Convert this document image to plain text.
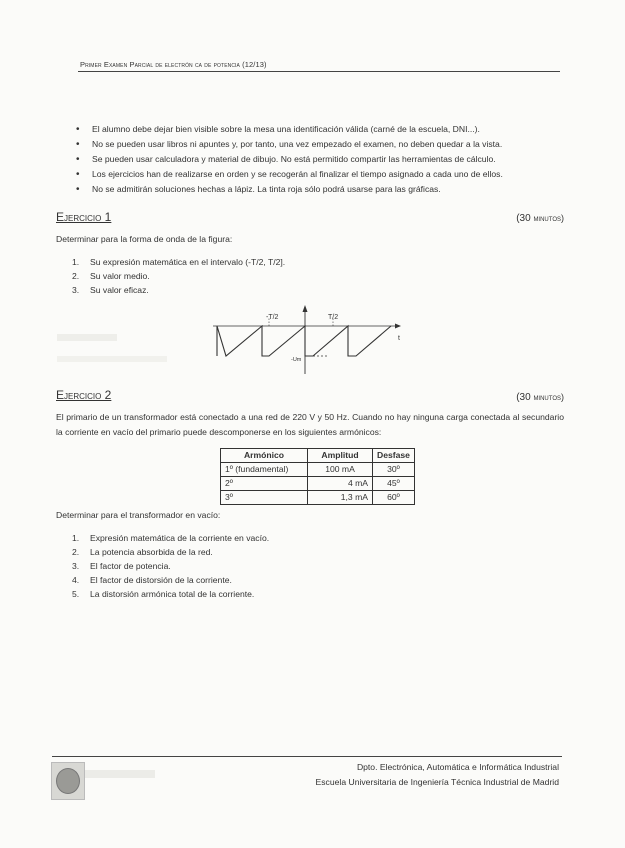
Primer Examen Parcial de electrón ca de potencia (12/13)
• El alumno debe dejar bien visible sobre la mesa una identificación válida (carné de la escuela, DNI...).
• No se pueden usar libros ni apuntes y, por tanto, una vez empezado el examen, no deben quedar a la vista.
• Se pueden usar calculadora y material de dibujo. No está permitido compartir las herramientas de cálculo.
• Los ejercicios han de realizarse en orden y se recogerán al finalizar el tiempo asignado a cada uno de ellos.
• No se admitirán soluciones hechas a lápiz. La tinta roja sólo podrá usarse para las gráficas.
Ejercicio 1	(30 minutos)
Determinar para la forma de onda de la figura:
1. Su expresión matemática en el intervalo (-T/2, T/2].
2. Su valor medio.
3. Su valor eficaz.
-T/2	T/2
t
-Um
Ejercicio 2	(30 minutos)
El primario de un transformador está conectado a una red de 220 V y 50 Hz. Cuando no hay ninguna carga conectada al secundario la corriente en vacío del primario puede descomponerse en los siguientes armónicos:
Armónico	Amplitud	Desfase
1º (fundamental)	100 mA	30º
2º	4 mA	45º
3º	1,3 mA	60º
Determinar para el transformador en vacío:
1. Expresión matemática de la corriente en vacío.
2. La potencia absorbida de la red.
3. El factor de potencia.
4. El factor de distorsión de la corriente.
5. La distorsión armónica total de la corriente.
Dpto. Electrónica, Automática e Informática Industrial
Escuela Universitaria de Ingeniería Técnica Industrial de Madrid
